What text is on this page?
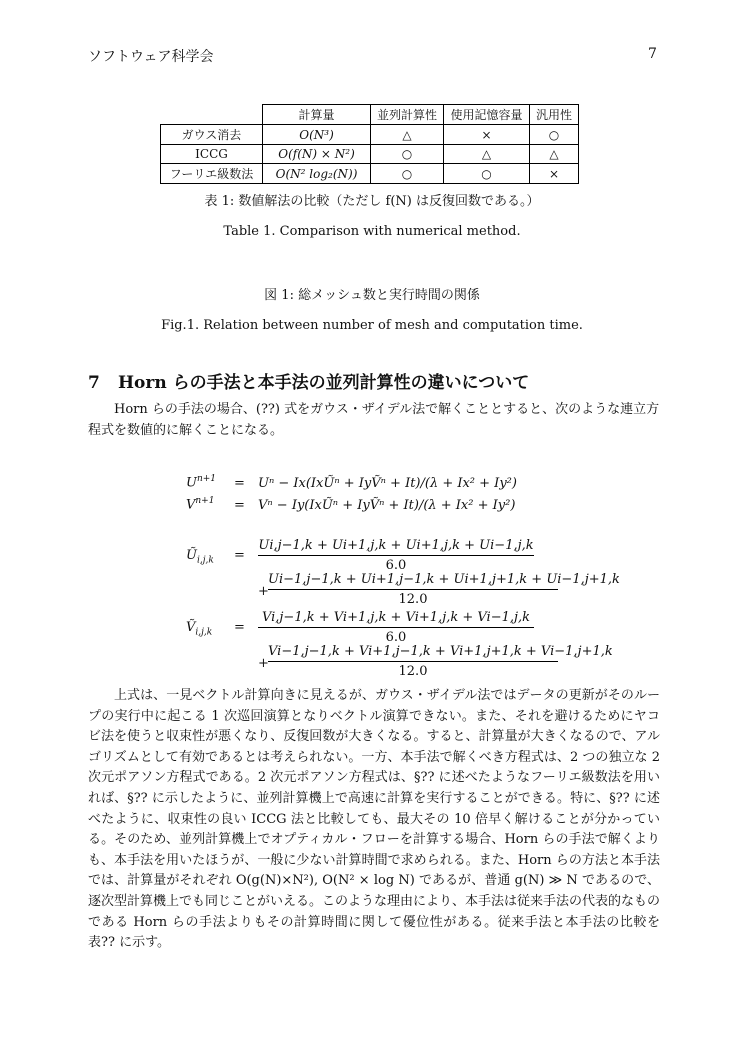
ソフトウェア科学会	7
	計算量	並列計算性	使用記憶容量	汎用性
ガウス消去	O(N³)	△	×	○
ICCG	O(f(N) × N²)	○	△	△
フーリエ級数法	O(N² log₂(N))	○	○	×
表 1: 数値解法の比較（ただし f(N) は反復回数である。）
Table 1. Comparison with numerical method.
図 1: 総メッシュ数と実行時間の関係
Fig.1. Relation between number of mesh and computation time.
7 Horn らの手法と本手法の並列計算性の違いについて
Horn らの手法の場合、(??) 式をガウス・ザイデル法で解くこととすると、次のような連立方程式を数値的に解くことになる。
$U^{n+1} = U^n$ − Ix(IxŨⁿ + IyṼⁿ + It)/(λ + Ix² + Iy²)
$V^{n+1} = V^n$ − Iy(IxŨⁿ + IyṼⁿ + It)/(λ + Ix² + Iy²)
$Ũ_{i,j,k}$ =
Ui,j−1,k + Ui+1,j,k + Ui+1,j,k + Ui−1,j,k
6.0
+
Ui−1,j−1,k + Ui+1,j−1,k + Ui+1,j+1,k + Ui−1,j+1,k
12.0
Ṽ$_{i,j,k}$ =
Vi,j−1,k + Vi+1,j,k + Vi+1,j,k + Vi−1,j,k
6.0
+
Vi−1,j−1,k + Vi+1,j−1,k + Vi+1,j+1,k + Vi−1,j+1,k
12.0
上式は、一見ベクトル計算向きに見えるが、ガウス・ザイデル法ではデータの更新がそのループの実行中に起こる 1 次巡回演算となりベクトル演算できない。また、それを避けるためにヤコビ法を使うと収束性が悪くなり、反復回数が大きくなる。すると、計算量が大きくなるので、アルゴリズムとして有効であるとは考えられない。一方、本手法で解くべき方程式は、2 つの独立な 2 次元ポアソン方程式である。2 次元ポアソン方程式は、§?? に述べたようなフーリエ級数法を用いれば、§?? に示したように、並列計算機上で高速に計算を実行することができる。特に、§?? に述べたように、収束性の良い ICCG 法と比較しても、最大その 10 倍早く解けることが分かっている。そのため、並列計算機上でオプティカル・フローを計算する場合、Horn らの手法で解くよりも、本手法を用いたほうが、一般に少ない計算時間で求められる。また、Horn らの方法と本手法では、計算量がそれぞれ O(g(N)×N²), O(N² × log N) であるが、普通 g(N) ≫ N であるので、逐次型計算機上でも同じことがいえる。このような理由により、本手法は従来手法の代表的なものである Horn らの手法よりもその計算時間に関して優位性がある。従来手法と本手法の比較を表?? に示す。
